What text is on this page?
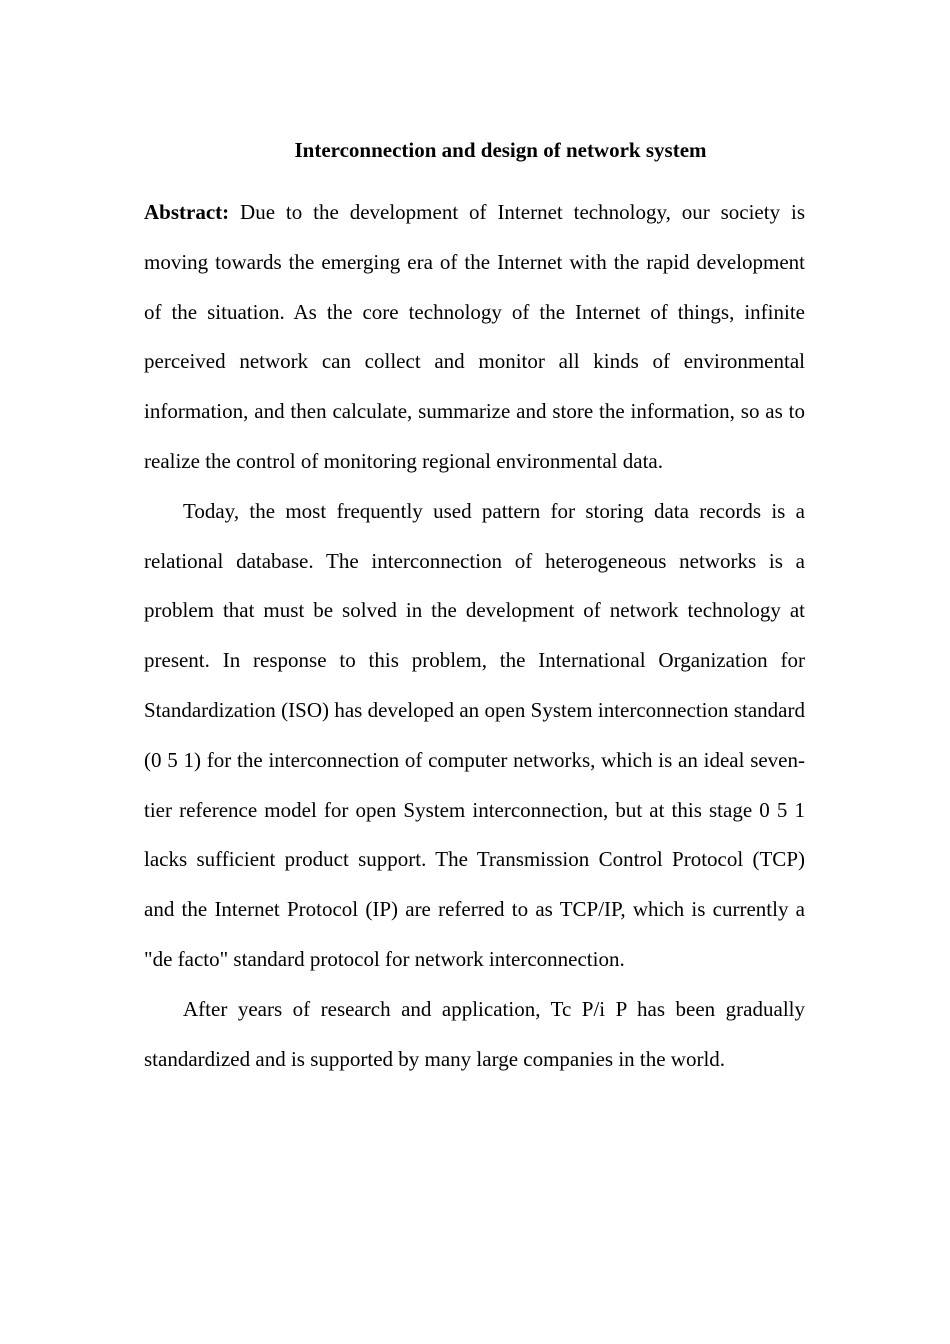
Interconnection and design of network system

Abstract: Due to the development of Internet technology, our society is moving towards the emerging era of the Internet with the rapid development of the situation. As the core technology of the Internet of things, infinite perceived network can collect and monitor all kinds of environmental information, and then calculate, summarize and store the information, so as to realize the control of monitoring regional environmental data.

Today, the most frequently used pattern for storing data records is a relational database. The interconnection of heterogeneous networks is a problem that must be solved in the development of network technology at present. In response to this problem, the International Organization for Standardization (ISO) has developed an open System interconnection standard (0 5 1) for the interconnection of computer networks, which is an ideal seven-tier reference model for open System interconnection, but at this stage 0 5 1 lacks sufficient product support. The Transmission Control Protocol (TCP) and the Internet Protocol (IP) are referred to as TCP/IP, which is currently a "de facto" standard protocol for network interconnection.

After years of research and application, Tc P/i P has been gradually standardized and is supported by many large companies in the world.
